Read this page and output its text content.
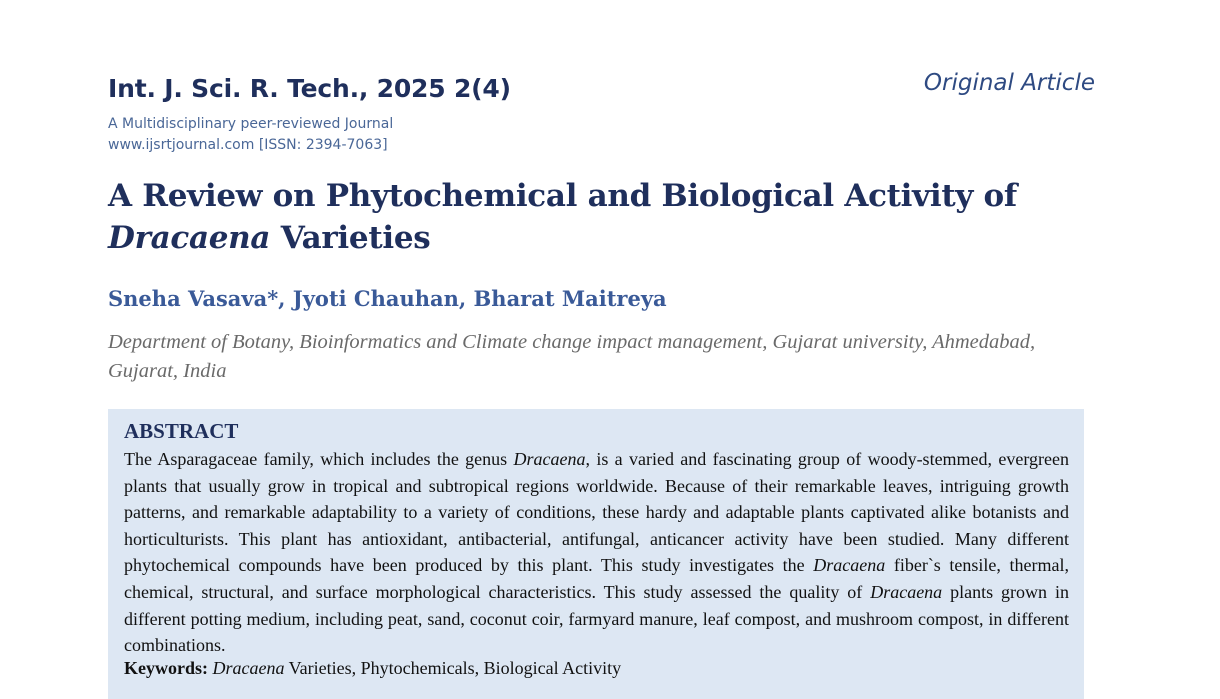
Int. J. Sci. R. Tech., 2025 2(4)	Original Article
A Multidisciplinary peer-reviewed Journal
www.ijsrtjournal.com [ISSN: 2394-7063]
A Review on Phytochemical and Biological Activity of
Dracaena Varieties
Sneha Vasava*, Jyoti Chauhan, Bharat Maitreya
Department of Botany, Bioinformatics and Climate change impact management, Gujarat university, Ahmedabad, Gujarat, India
ABSTRACT

The Asparagaceae family, which includes the genus Dracaena, is a varied and fascinating group of woody-stemmed, evergreen plants that usually grow in tropical and subtropical regions worldwide. Because of their remarkable leaves, intriguing growth patterns, and remarkable adaptability to a variety of conditions, these hardy and adaptable plants captivated alike botanists and horticulturists. This plant has antioxidant, antibacterial, antifungal, anticancer activity have been studied. Many different phytochemical compounds have been produced by this plant. This study investigates the Dracaena fiber`s tensile, thermal, chemical, structural, and surface morphological characteristics. This study assessed the quality of Dracaena plants grown in different potting medium, including peat, sand, coconut coir, farmyard manure, leaf compost, and mushroom compost, in different combinations.

Keywords: Dracaena Varieties, Phytochemicals, Biological Activity
